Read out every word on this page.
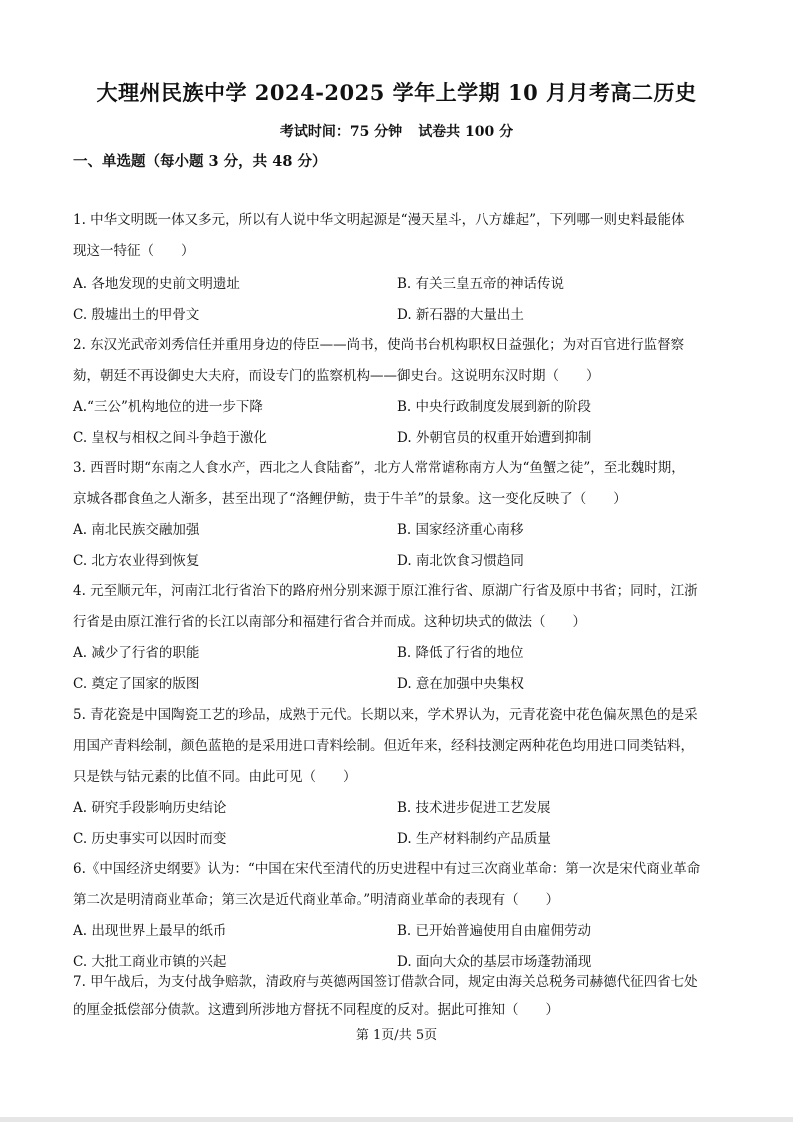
大理州民族中学 2024-2025 学年上学期 10 月月考高二历史
考试时间：75 分钟 试卷共 100 分
一、单选题（每小题 3 分，共 48 分）
1. 中华文明既一体又多元，所以有人说中华文明起源是“漫天星斗，八方雄起”，下列哪一则史料最能体
现这一特征（　　）
A. 各地发现的史前文明遗址	B. 有关三皇五帝的神话传说
C. 殷墟出土的甲骨文	D. 新石器的大量出土
2. 东汉光武帝刘秀信任并重用身边的侍臣——尚书，使尚书台机构职权日益强化；为对百官进行监督察
劾，朝廷不再设御史大夫府，而设专门的监察机构——御史台。这说明东汉时期（　　）
A.“三公”机构地位的进一步下降	B. 中央行政制度发展到新的阶段
C. 皇权与相权之间斗争趋于激化	D. 外朝官员的权重开始遭到抑制
3. 西晋时期“东南之人食水产，西北之人食陆畜”，北方人常常谑称南方人为“鱼蟹之徒”，至北魏时期，
京城各郡食鱼之人渐多，甚至出现了“洛鲤伊鲂，贵于牛羊”的景象。这一变化反映了（　　）
A. 南北民族交融加强	B. 国家经济重心南移
C. 北方农业得到恢复	D. 南北饮食习惯趋同
4. 元至顺元年，河南江北行省治下的路府州分别来源于原江淮行省、原湖广行省及原中书省；同时，江浙
行省是由原江淮行省的长江以南部分和福建行省合并而成。这种切块式的做法（　　）
A. 减少了行省的职能	B. 降低了行省的地位
C. 奠定了国家的版图	D. 意在加强中央集权
5. 青花瓷是中国陶瓷工艺的珍品，成熟于元代。长期以来，学术界认为，元青花瓷中花色偏灰黑色的是采
用国产青料绘制，颜色蓝艳的是采用进口青料绘制。但近年来，经科技测定两种花色均用进口同类钴料，
只是铁与钴元素的比值不同。由此可见（　　）
A. 研究手段影响历史结论	B. 技术进步促进工艺发展
C. 历史事实可以因时而变	D. 生产材料制约产品质量
6.《中国经济史纲要》认为：“中国在宋代至清代的历史进程中有过三次商业革命：第一次是宋代商业革命
第二次是明清商业革命；第三次是近代商业革命。”明清商业革命的表现有（　　）
A. 出现世界上最早的纸币	B. 已开始普遍使用自由雇佣劳动
C. 大批工商业市镇的兴起	D. 面向大众的基层市场蓬勃涌现
7. 甲午战后，为支付战争赔款，清政府与英德两国签订借款合同，规定由海关总税务司赫德代征四省七处
第 1页/共 5页
的厘金抵偿部分债款。这遭到所涉地方督抚不同程度的反对。据此可推知（　　）
